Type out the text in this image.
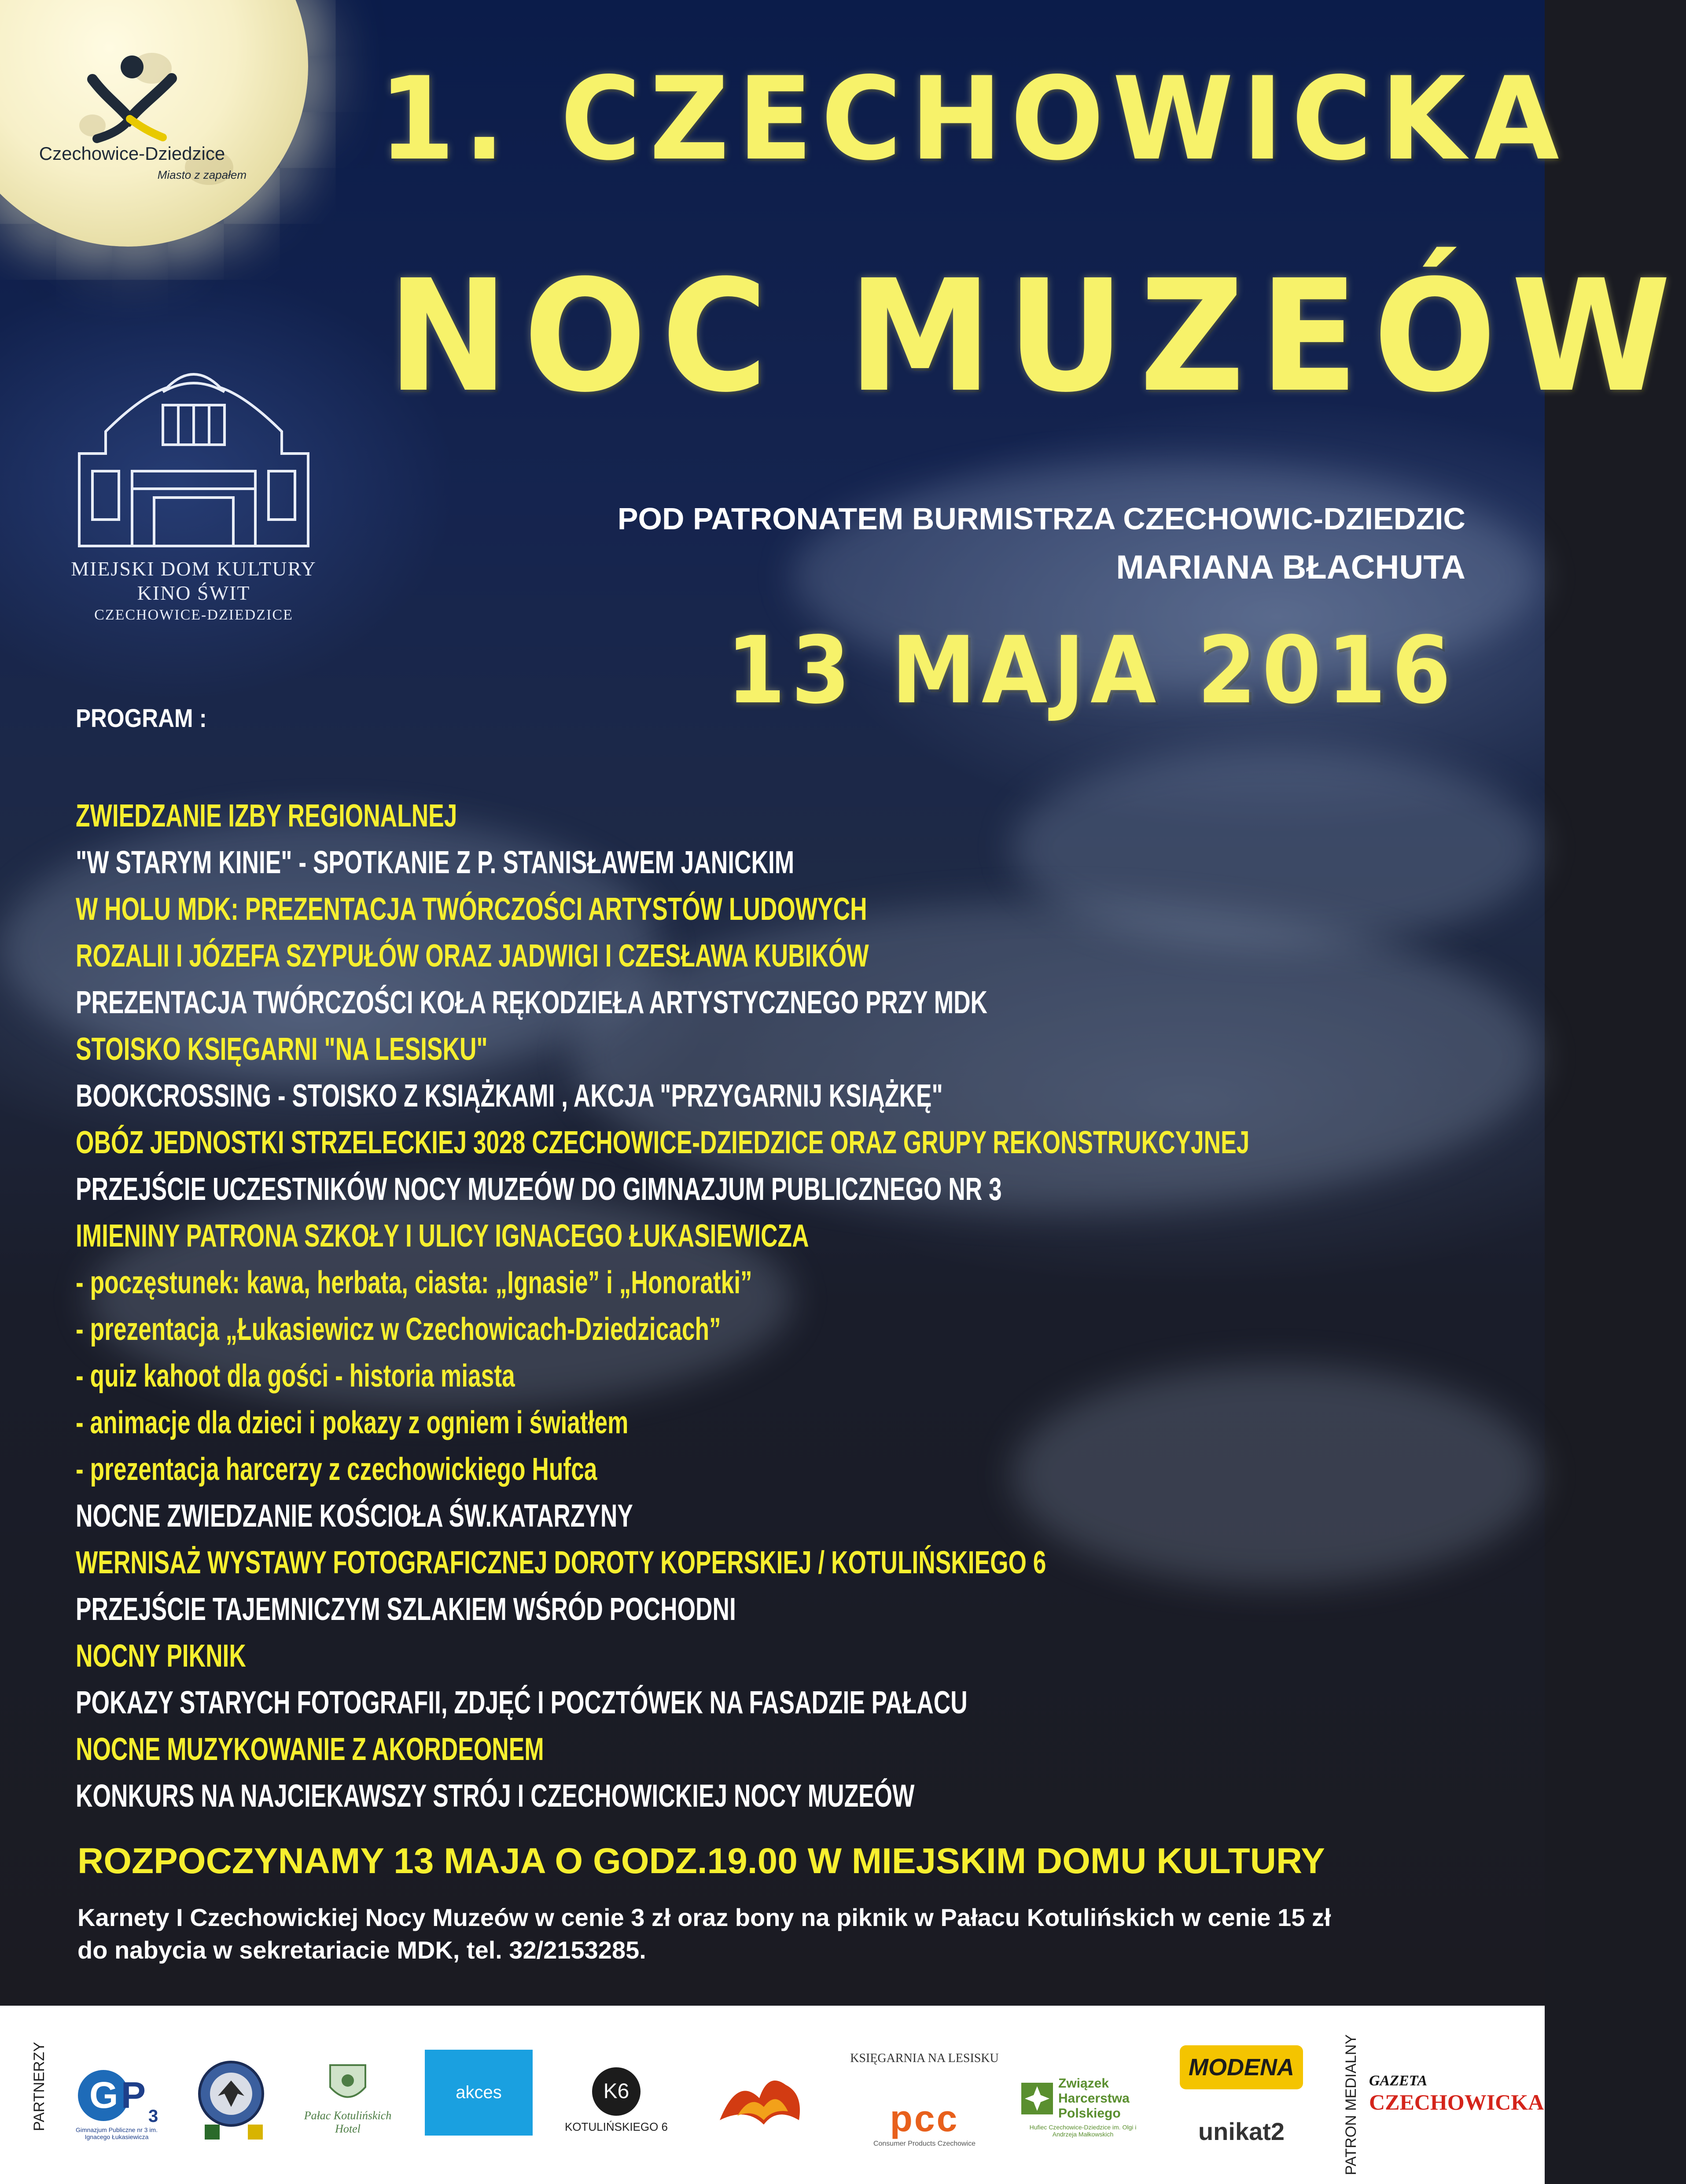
Czechowice-Dziedzice
Miasto z zapałem
MIEJSKI DOM KULTURY
KINO ŚWIT
CZECHOWICE-DZIEDZICE
1. CZECHOWICKA
NOC MUZEÓW
POD PATRONATEM BURMISTRZA CZECHOWIC-DZIEDZIC
MARIANA BŁACHUTA
13 MAJA 2016
PROGRAM :
ZWIEDZANIE IZBY REGIONALNEJ
"W STARYM KINIE" - SPOTKANIE Z P. STANISŁAWEM JANICKIM
W HOLU MDK: PREZENTACJA TWÓRCZOŚCI ARTYSTÓW LUDOWYCH
ROZALII I JÓZEFA SZYPUŁÓW ORAZ JADWIGI I CZESŁAWA KUBIKÓW
PREZENTACJA TWÓRCZOŚCI KOŁA RĘKODZIEŁA ARTYSTYCZNEGO PRZY MDK
STOISKO KSIĘGARNI "NA LESISKU"
BOOKCROSSING - STOISKO Z KSIĄŻKAMI , AKCJA "PRZYGARNIJ KSIĄŻKĘ"
OBÓZ JEDNOSTKI STRZELECKIEJ 3028 CZECHOWICE-DZIEDZICE ORAZ GRUPY REKONSTRUKCYJNEJ
PRZEJŚCIE UCZESTNIKÓW NOCY MUZEÓW DO GIMNAZJUM PUBLICZNEGO NR 3
IMIENINY PATRONA SZKOŁY I ULICY IGNACEGO ŁUKASIEWICZA
- poczęstunek: kawa, herbata, ciasta: „Ignasie” i „Honoratki”
- prezentacja „Łukasiewicz w Czechowicach-Dziedzicach”
- quiz kahoot dla gości - historia miasta
- animacje dla dzieci i pokazy z ogniem i światłem
- prezentacja harcerzy z czechowickiego Hufca
NOCNE ZWIEDZANIE KOŚCIOŁA ŚW.KATARZYNY
WERNISAŻ WYSTAWY FOTOGRAFICZNEJ DOROTY KOPERSKIEJ / KOTULIŃSKIEGO 6
PRZEJŚCIE TAJEMNICZYM SZLAKIEM WŚRÓD POCHODNI
NOCNY PIKNIK
POKAZY STARYCH FOTOGRAFII, ZDJĘĆ I POCZTÓWEK NA FASADZIE PAŁACU
NOCNE MUZYKOWANIE Z AKORDEONEM
KONKURS NA NAJCIEKAWSZY STRÓJ I CZECHOWICKIEJ NOCY MUZEÓW
ROZPOCZYNAMY 13 MAJA O GODZ.19.00 W MIEJSKIM DOMU KULTURY
Karnety I Czechowickiej Nocy Muzeów w cenie 3 zł oraz bony na piknik w Pałacu Kotulińskich w cenie 15 zł
do nabycia w sekretariacie MDK, tel. 32/2153285.
PARTNERZY	PATRON MEDIALNY
G P
3
Gimnazjum Publiczne nr 3 im. Ignacego Łukasiewicza
Pałac Kotulińskich Hotel
akces	K6
KOTULIŃSKIEGO 6
KSIĘGARNIA NA LESISKU
pcc
Consumer Products Czechowice
Związek Harcerstwa Polskiego
Hufiec Czechowice-Dziedzice im. Olgi i Andrzeja Małkowskich
MODENA
unikat2
GAZETA
CZECHOWICKA
